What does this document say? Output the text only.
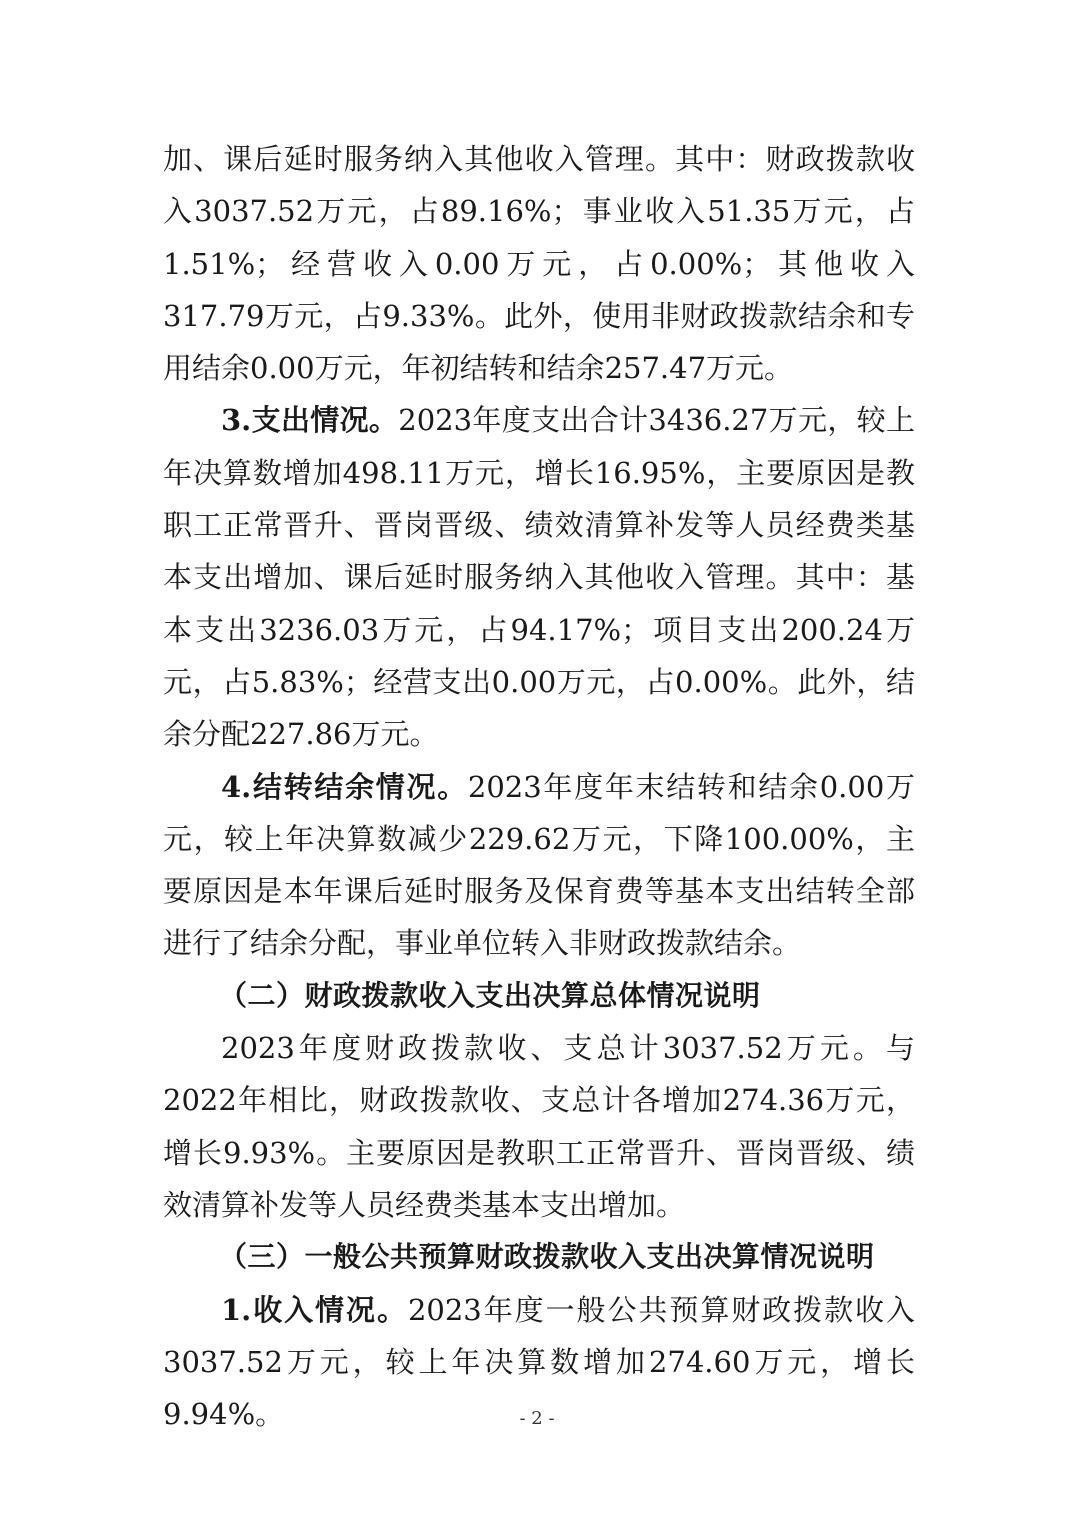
加、课后延时服务纳入其他收入管理。其中：财政拨款收入3037.52万元，占89.16%；事业收入51.35万元，占1.51%；经营收入0.00万元，占0.00%；其他收入317.79万元，占9.33%。此外，使用非财政拨款结余和专用结余0.00万元，年初结转和结余257.47万元。

3.支出情况。2023年度支出合计3436.27万元，较上年决算数增加498.11万元，增长16.95%，主要原因是教职工正常晋升、晋岗晋级、绩效清算补发等人员经费类基本支出增加、课后延时服务纳入其他收入管理。其中：基本支出3236.03万元，占94.17%；项目支出200.24万元，占5.83%；经营支出0.00万元，占0.00%。此外，结余分配227.86万元。

4.结转结余情况。2023年度年末结转和结余0.00万元，较上年决算数减少229.62万元，下降100.00%，主要原因是本年课后延时服务及保育费等基本支出结转全部进行了结余分配，事业单位转入非财政拨款结余。

（二）财政拨款收入支出决算总体情况说明

2023年度财政拨款收、支总计3037.52万元。与2022年相比，财政拨款收、支总计各增加274.36万元，增长9.93%。主要原因是教职工正常晋升、晋岗晋级、绩效清算补发等人员经费类基本支出增加。

（三）一般公共预算财政拨款收入支出决算情况说明

1.收入情况。2023年度一般公共预算财政拨款收入3037.52万元，较上年决算数增加274.60万元，增长9.94%。	- 2 -
